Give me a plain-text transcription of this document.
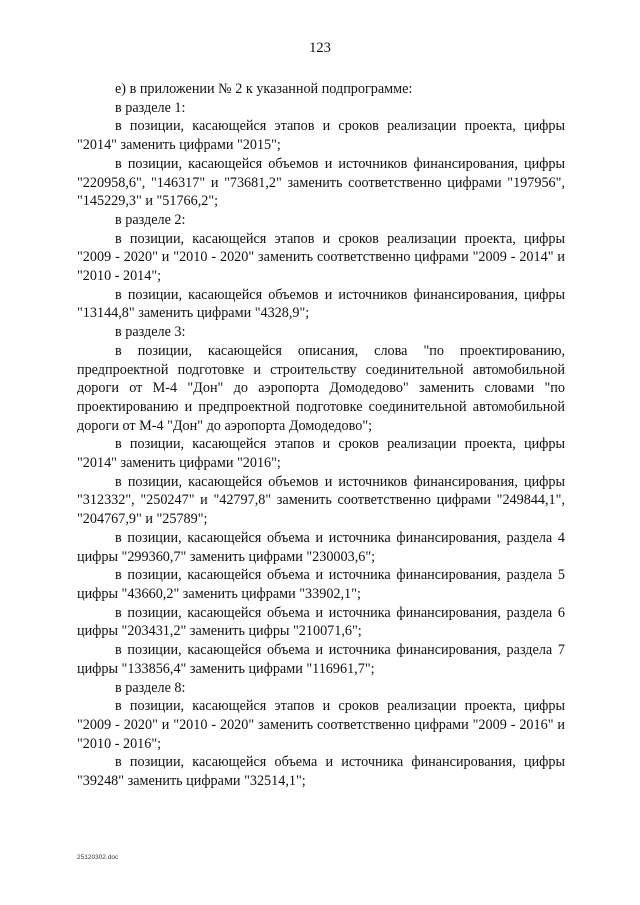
123

е) в приложении № 2 к указанной подпрограмме:

в разделе 1:

в позиции, касающейся этапов и сроков реализации проекта, цифры "2014" заменить цифрами "2015";

в позиции, касающейся объемов и источников финансирования, цифры "220958,6", "146317" и "73681,2" заменить соответственно цифрами "197956", "145229,3" и "51766,2";

в разделе 2:

в позиции, касающейся этапов и сроков реализации проекта, цифры "2009 - 2020" и "2010 - 2020" заменить соответственно цифрами "2009 - 2014" и "2010 - 2014";

в позиции, касающейся объемов и источников финансирования, цифры "13144,8" заменить цифрами "4328,9";

в разделе 3:

в позиции, касающейся описания, слова "по проектированию, предпроектной подготовке и строительству соединительной автомобильной дороги от М-4 "Дон" до аэропорта Домодедово" заменить словами "по проектированию и предпроектной подготовке соединительной автомобильной дороги от М-4 "Дон" до аэропорта Домодедово";

в позиции, касающейся этапов и сроков реализации проекта, цифры "2014" заменить цифрами "2016";

в позиции, касающейся объемов и источников финансирования, цифры "312332", "250247" и "42797,8" заменить соответственно цифрами "249844,1", "204767,9" и "25789";

в позиции, касающейся объема и источника финансирования, раздела 4 цифры "299360,7" заменить цифрами "230003,6";

в позиции, касающейся объема и источника финансирования, раздела 5 цифры "43660,2" заменить цифрами "33902,1";

в позиции, касающейся объема и источника финансирования, раздела 6 цифры "203431,2" заменить цифры "210071,6";

в позиции, касающейся объема и источника финансирования, раздела 7 цифры "133856,4" заменить цифрами "116961,7";

в разделе 8:

в позиции, касающейся этапов и сроков реализации проекта, цифры "2009 - 2020" и "2010 - 2020" заменить соответственно цифрами "2009 - 2016" и "2010 - 2016";

в позиции, касающейся объема и источника финансирования, цифры "39248" заменить цифрами "32514,1";

25120302.doc
